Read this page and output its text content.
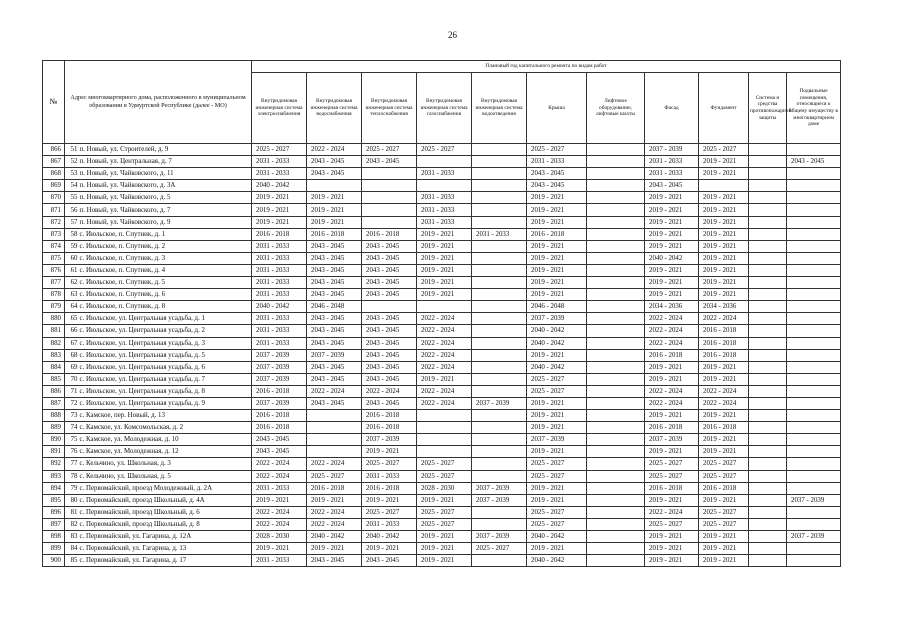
26
№	Адрес многоквартирного дома, расположенного в муниципальном образовании в Удмуртской Республике (далее - МО)		Плановый год капитального ремонта по видам работ										
			Внутридомовая инженерная система электроснабжения	Внутридомовая инженерная система водоснабжения	Внутридомовая инженерная система теплоснабжения	Внутридомовая инженерная система газоснабжения	Внутридомовая инженерная система водоотведения	Крыша	Лифтовое оборудование, лифтовые шахты	Фасад	Фундамент	Система и средства противопожарной защиты	Подвальные помещения, относящиеся к общему имуществу в многоквартирном доме
866	51	п. Новый, ул. Строителей, д. 9	2025 - 2027	2022 - 2024	2025 - 2027	2025 - 2027		2025 - 2027		2037 - 2039	2025 - 2027		
867	52	п. Новый, ул. Центральная, д. 7	2031 - 2033	2043 - 2045	2043 - 2045			2031 - 2033		2031 - 2033	2019 - 2021		2043 - 2045
868	53	п. Новый, ул. Чайковского, д. 11	2031 - 2033	2043 - 2045		2031 - 2033		2043 - 2045		2031 - 2033	2019 - 2021		
869	54	п. Новый, ул. Чайковского, д. 3А	2040 - 2042					2043 - 2045		2043 - 2045			
870	55	п. Новый, ул. Чайковского, д. 5	2019 - 2021	2019 - 2021		2031 - 2033		2019 - 2021		2019 - 2021	2019 - 2021		
871	56	п. Новый, ул. Чайковского, д. 7	2019 - 2021	2019 - 2021		2031 - 2033		2019 - 2021		2019 - 2021	2019 - 2021		
872	57	п. Новый, ул. Чайковского, д. 9	2019 - 2021	2019 - 2021		2031 - 2033		2019 - 2021		2019 - 2021	2019 - 2021		
873	58	с. Июльское, п. Спутник, д. 1	2016 - 2018	2016 - 2018	2016 - 2018	2019 - 2021	2031 - 2033	2016 - 2018		2019 - 2021	2019 - 2021		
874	59	с. Июльское, п. Спутник, д. 2	2031 - 2033	2043 - 2045	2043 - 2045	2019 - 2021		2019 - 2021		2019 - 2021	2019 - 2021		
875	60	с. Июльское, п. Спутник, д. 3	2031 - 2033	2043 - 2045	2043 - 2045	2019 - 2021		2019 - 2021		2040 - 2042	2019 - 2021		
876	61	с. Июльское, п. Спутник, д. 4	2031 - 2033	2043 - 2045	2043 - 2045	2019 - 2021		2019 - 2021		2019 - 2021	2019 - 2021		
877	62	с. Июльское, п. Спутник, д. 5	2031 - 2033	2043 - 2045	2043 - 2045	2019 - 2021		2019 - 2021		2019 - 2021	2019 - 2021		
878	63	с. Июльское, п. Спутник, д. 6	2031 - 2033	2043 - 2045	2043 - 2045	2019 - 2021		2019 - 2021		2019 - 2021	2019 - 2021		
879	64	с. Июльское, п. Спутник, д. 8	2040 - 2042	2046 - 2048				2046 - 2048		2034 - 2036	2034 - 2036		
880	65	с. Июльское, ул. Центральная усадьба, д. 1	2031 - 2033	2043 - 2045	2043 - 2045	2022 - 2024		2037 - 2039		2022 - 2024	2022 - 2024		
881	66	с. Июльское, ул. Центральная усадьба, д. 2	2031 - 2033	2043 - 2045	2043 - 2045	2022 - 2024		2040 - 2042		2022 - 2024	2016 - 2018		
882	67	с. Июльское, ул. Центральная усадьба, д. 3	2031 - 2033	2043 - 2045	2043 - 2045	2022 - 2024		2040 - 2042		2022 - 2024	2016 - 2018		
883	68	с. Июльское, ул. Центральная усадьба, д. 5	2037 - 2039	2037 - 2039	2043 - 2045	2022 - 2024		2019 - 2021		2016 - 2018	2016 - 2018		
884	69	с. Июльское, ул. Центральная усадьба, д. 6	2037 - 2039	2043 - 2045	2043 - 2045	2022 - 2024		2040 - 2042		2019 - 2021	2019 - 2021		
885	70	с. Июльское, ул. Центральная усадьба, д. 7	2037 - 2039	2043 - 2045	2043 - 2045	2019 - 2021		2025 - 2027		2019 - 2021	2019 - 2021		
886	71	с. Июльское, ул. Центральная усадьба, д. 8	2016 - 2018	2022 - 2024	2022 - 2024	2022 - 2024		2025 - 2027		2022 - 2024	2022 - 2024		
887	72	с. Июльское, ул. Центральная усадьба, д. 9	2037 - 2039	2043 - 2045	2043 - 2045	2022 - 2024	2037 - 2039	2019 - 2021		2022 - 2024	2022 - 2024		
888	73	с. Камское, пер. Новый, д. 13	2016 - 2018		2016 - 2018			2019 - 2021		2019 - 2021	2019 - 2021		
889	74	с. Камское, ул. Комсомольская, д. 2	2016 - 2018		2016 - 2018			2019 - 2021		2016 - 2018	2016 - 2018		
890	75	с. Камское, ул. Молодежная, д. 10	2043 - 2045		2037 - 2039			2037 - 2039		2037 - 2039	2019 - 2021		
891	76	с. Камское, ул. Молодежная, д. 12	2043 - 2045		2019 - 2021			2019 - 2021		2019 - 2021	2019 - 2021		
892	77	с. Кельчино, ул. Школьная, д. 3	2022 - 2024	2022 - 2024	2025 - 2027	2025 - 2027		2025 - 2027		2025 - 2027	2025 - 2027		
893	78	с. Кельчино, ул. Школьная, д. 5	2022 - 2024	2025 - 2027	2031 - 2033	2025 - 2027		2025 - 2027		2025 - 2027	2025 - 2027		
894	79	с. Первомайский, проезд Молодежный, д. 2А	2031 - 2033	2016 - 2018	2016 - 2018	2028 - 2030	2037 - 2039	2019 - 2021		2016 - 2018	2016 - 2018		
895	80	с. Первомайский, проезд Школьный, д. 4А	2019 - 2021	2019 - 2021	2019 - 2021	2019 - 2021	2037 - 2039	2019 - 2021		2019 - 2021	2019 - 2021		2037 - 2039
896	81	с. Первомайский, проезд Школьный, д. 6	2022 - 2024	2022 - 2024	2025 - 2027	2025 - 2027		2025 - 2027		2022 - 2024	2025 - 2027		
897	82	с. Первомайский, проезд Школьный, д. 8	2022 - 2024	2022 - 2024	2031 - 2033	2025 - 2027		2025 - 2027		2025 - 2027	2025 - 2027		
898	83	с. Первомайский, ул. Гагарина, д. 12А	2028 - 2030	2040 - 2042	2040 - 2042	2019 - 2021	2037 - 2039	2040 - 2042		2019 - 2021	2019 - 2021		2037 - 2039
899	84	с. Первомайский, ул. Гагарина, д. 13	2019 - 2021	2019 - 2021	2019 - 2021	2019 - 2021	2025 - 2027	2019 - 2021		2019 - 2021	2019 - 2021		
900	85	с. Первомайский, ул. Гагарина, д. 17	2031 - 2033	2043 - 2045	2043 - 2045	2019 - 2021		2040 - 2042		2019 - 2021	2019 - 2021		
